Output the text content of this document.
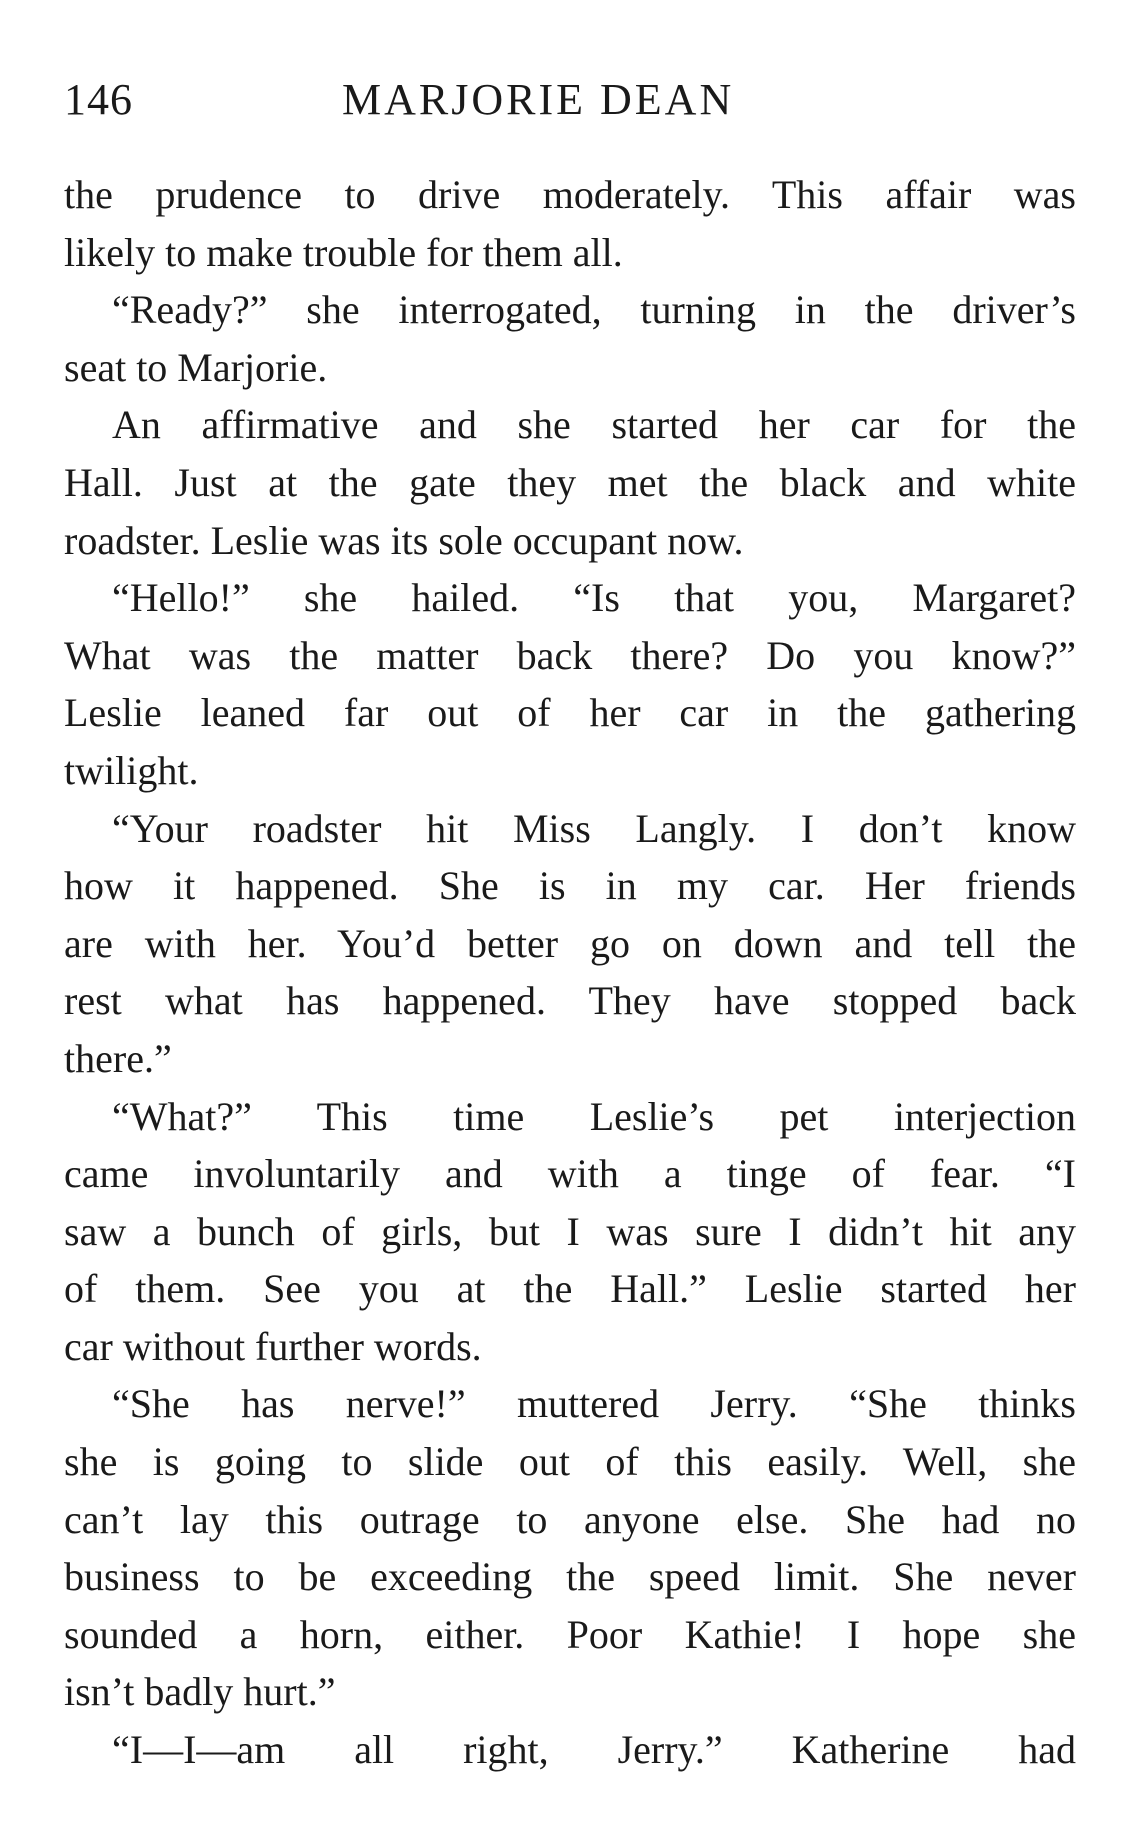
146	MARJORIE DEAN
the prudence to drive moderately. This affair was
likely to make trouble for them all.
“Ready?” she interrogated, turning in the driver’s
seat to Marjorie.
An affirmative and she started her car for the
Hall. Just at the gate they met the black and white
roadster. Leslie was its sole occupant now.
“Hello!” she hailed. “Is that you, Margaret?
What was the matter back there? Do you know?”
Leslie leaned far out of her car in the gathering
twilight.
“Your roadster hit Miss Langly. I don’t know
how it happened. She is in my car. Her friends
are with her. You’d better go on down and tell the
rest what has happened. They have stopped back
there.”
“What?” This time Leslie’s pet interjection
came involuntarily and with a tinge of fear. “I
saw a bunch of girls, but I was sure I didn’t hit any
of them. See you at the Hall.” Leslie started her
car without further words.
“She has nerve!” muttered Jerry. “She thinks
she is going to slide out of this easily. Well, she
can’t lay this outrage to anyone else. She had no
business to be exceeding the speed limit. She never
sounded a horn, either. Poor Kathie! I hope she
isn’t badly hurt.”
“I—I—am all right, Jerry.” Katherine had
